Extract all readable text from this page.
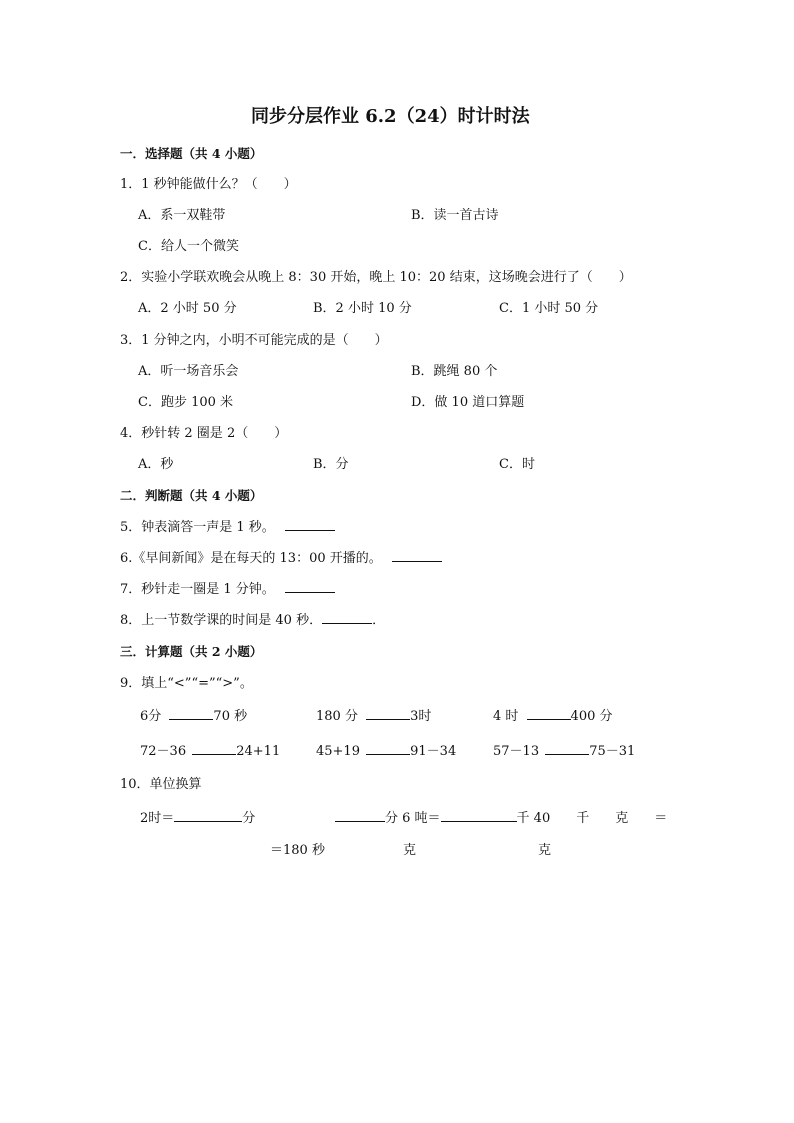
同步分层作业 6.2（24）时计时法
一．选择题（共 4 小题）
1．1 秒钟能做什么？（　　）
A．系一双鞋带	B．读一首古诗
C．给人一个微笑
2．实验小学联欢晚会从晚上 8：30 开始，晚上 10：20 结束，这场晚会进行了（　　）
A．2 小时 50 分	B．2 小时 10 分	C．1 小时 50 分
3．1 分钟之内，小明不可能完成的是（　　）
A．听一场音乐会	B．跳绳 80 个
C．跑步 100 米	D．做 10 道口算题
4．秒针转 2 圈是 2（　　）
A．秒	B．分	C．时
二．判断题（共 4 小题）
5．钟表滴答一声是 1 秒。
6.《早间新闻》是在每天的 13：00 开播的。
7．秒针走一圈是 1 分钟。
8．上一节数学课的时间是 40 秒．	．
三．计算题（共 2 小题）
9．填上“<”“=”“>”。
6分	70 秒	180 分	3时	4 时	400 分
72－36	24+11	45+19	91－34	57－13	75－31
10．单位换算
2时＝	分	分 6 吨＝	千 40　　千　　克　　＝
＝180 秒	克	克
